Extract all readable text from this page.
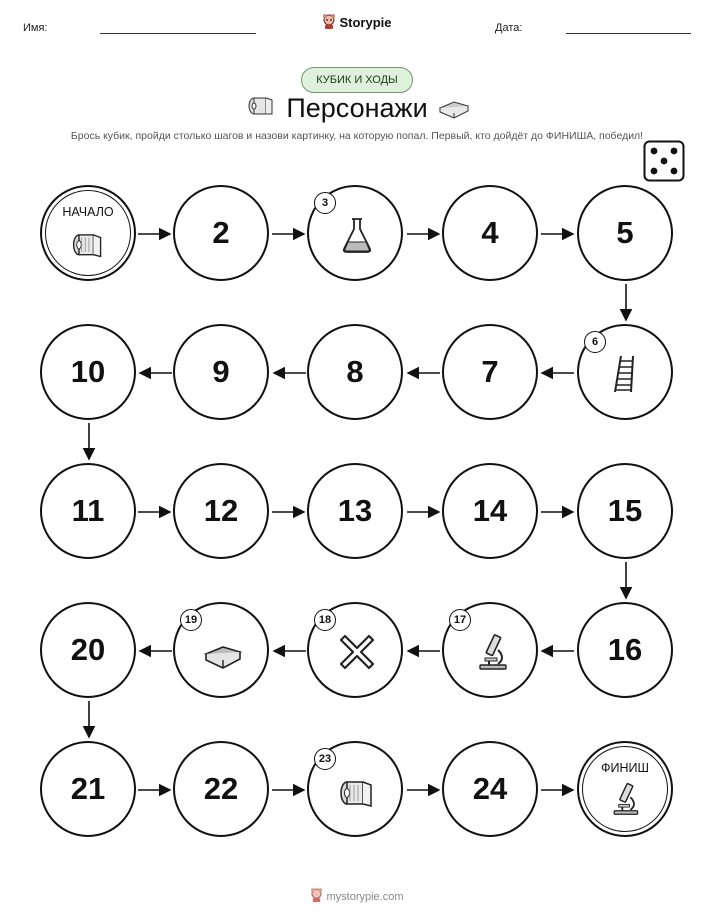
Имя:	Storypie	Дата:
КУБИК И ХОДЫ
Персонажи
Брось кубик, пройди столько шагов и назови картинку, на которую попал. Первый, кто дойдёт до ФИНИША, победил!
НАЧАЛО
2
3
4	5
6
7
8
9
10
11	12	13	14	15
16
17
18
19
20
21	22
23
24
ФИНИШ
mystorypie.com
